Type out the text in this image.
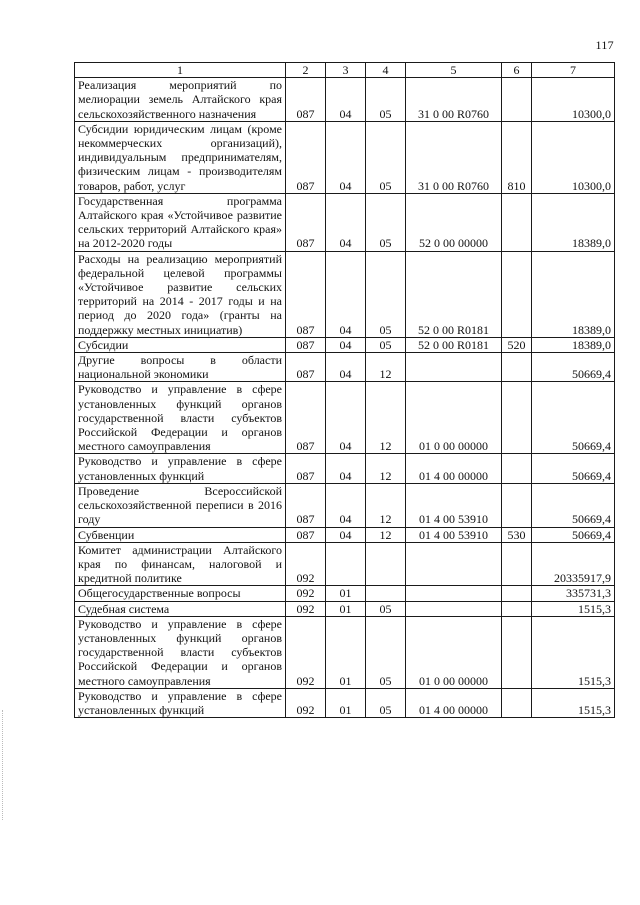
117
1	2	3	4	5	6	7
Реализация мероприятий по мелиорации земель Алтайского края сельскохозяйственного назначения	087	04	05	31 0 00 R0760		10300,0
Субсидии юридическим лицам (кроме некоммерческих организаций), индивидуальным предпринимателям, физическим лицам - производителям товаров, работ, услуг	087	04	05	31 0 00 R0760	810	10300,0
Государственная программа Алтайского края «Устойчивое развитие сельских территорий Алтайского края» на 2012-2020 годы	087	04	05	52 0 00 00000		18389,0
Расходы на реализацию мероприятий федеральной целевой программы «Устойчивое развитие сельских территорий на 2014 - 2017 годы и на период до 2020 года» (гранты на поддержку местных инициатив)	087	04	05	52 0 00 R0181		18389,0
Субсидии	087	04	05	52 0 00 R0181	520	18389,0
Другие вопросы в области национальной экономики	087	04	12			50669,4
Руководство и управление в сфере установленных функций органов государственной власти субъектов Российской Федерации и органов местного самоуправления	087	04	12	01 0 00 00000		50669,4
Руководство и управление в сфере установленных функций	087	04	12	01 4 00 00000		50669,4
Проведение Всероссийской сельскохозяйственной переписи в 2016 году	087	04	12	01 4 00 53910		50669,4
Субвенции	087	04	12	01 4 00 53910	530	50669,4
Комитет администрации Алтайского края по финансам, налоговой и кредитной политике	092					20335917,9
Общегосударственные вопросы	092	01				335731,3
Судебная система	092	01	05			1515,3
Руководство и управление в сфере установленных функций органов государственной власти субъектов Российской Федерации и органов местного самоуправления	092	01	05	01 0 00 00000		1515,3
Руководство и управление в сфере установленных функций	092	01	05	01 4 00 00000		1515,3
